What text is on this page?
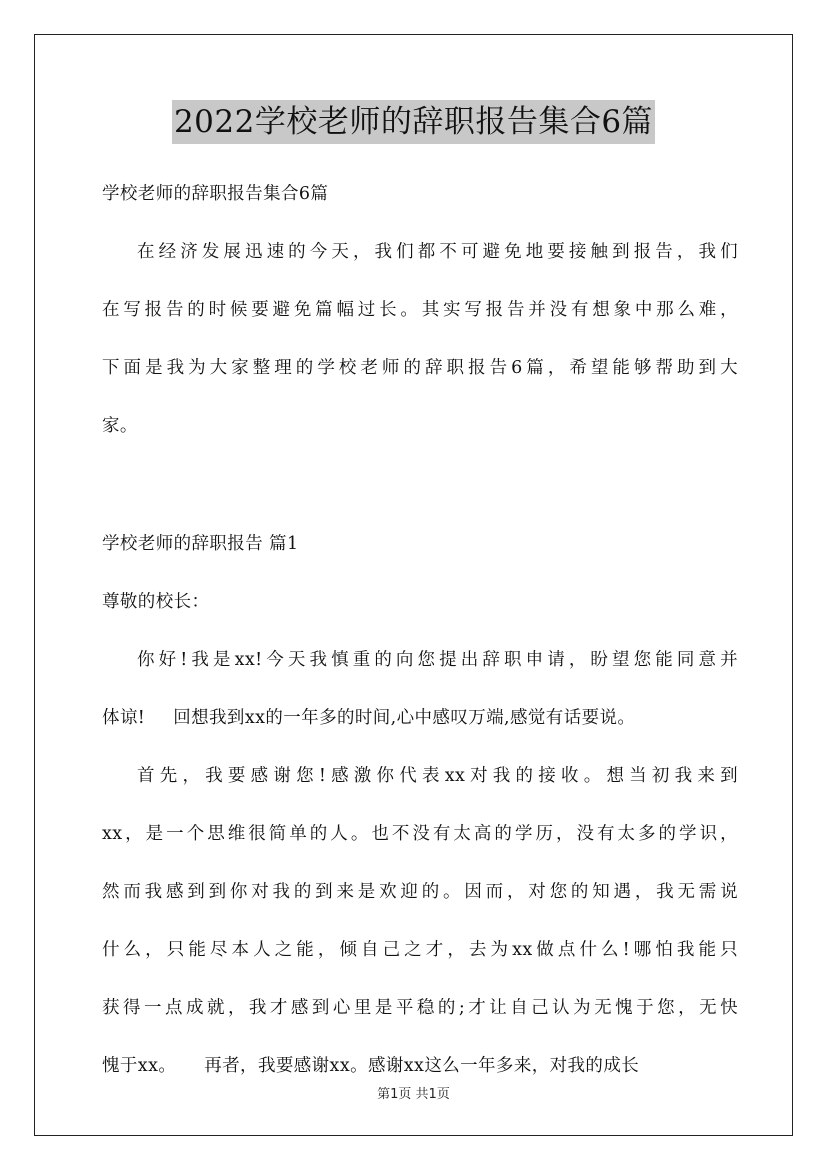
2022学校老师的辞职报告集合6篇
学校老师的辞职报告集合6篇
在经济发展迅速的今天，我们都不可避免地要接触到报告，我们
在写报告的时候要避免篇幅过长。其实写报告并没有想象中那么难，
下面是我为大家整理的学校老师的辞职报告6篇，希望能够帮助到大
家。
学校老师的辞职报告 篇1
尊敬的校长：
你好!我是xx!今天我慎重的向您提出辞职申请，盼望您能同意并
体谅! 回想我到xx的一年多的时间,心中感叹万端,感觉有话要说。
首先，我要感谢您!感激你代表xx对我的接收。想当初我来到
xx，是一个思维很简单的人。也不没有太高的学历，没有太多的学识，
然而我感到到你对我的到来是欢迎的。因而，对您的知遇，我无需说
什么，只能尽本人之能，倾自己之才，去为xx做点什么!哪怕我能只
获得一点成就，我才感到心里是平稳的;才让自己认为无愧于您，无快
愧于xx。 再者，我要感谢xx。感谢xx这么一年多来，对我的成长
第1页 共1页
